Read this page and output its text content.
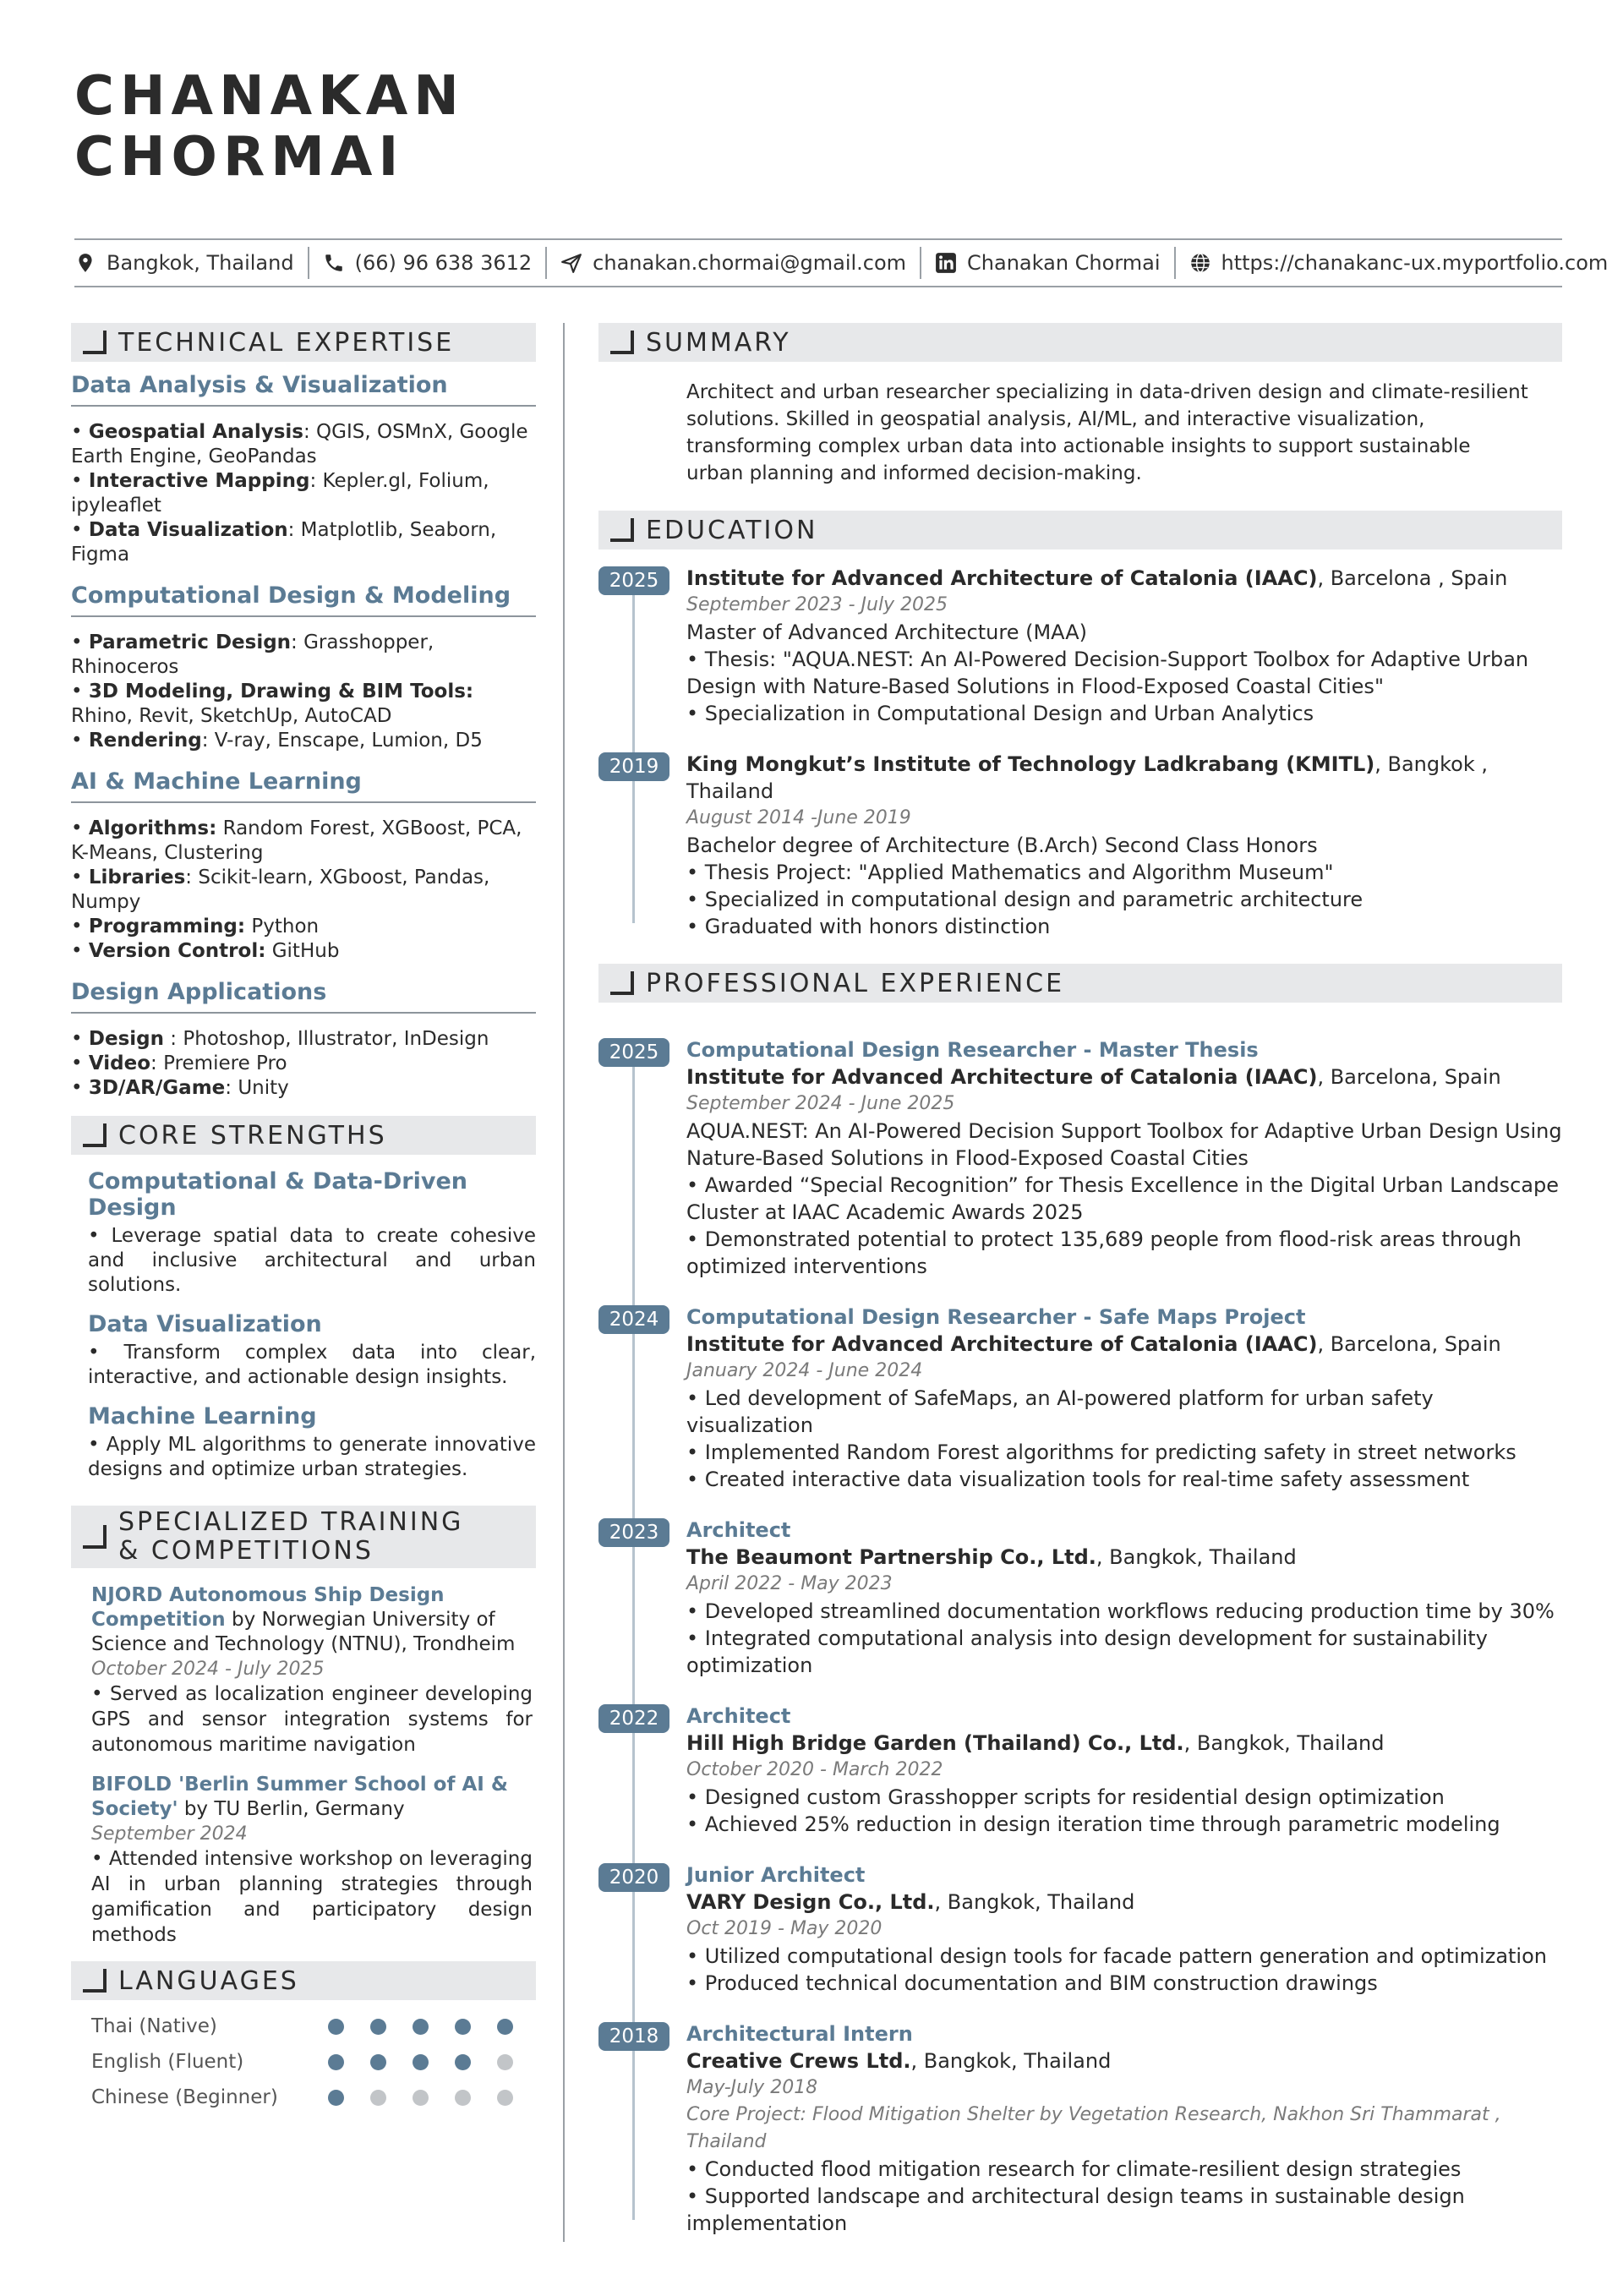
CHANAKAN
CHORMAI
Bangkok, Thailand	(66) 96 638 3612	chanakan.chormai@gmail.com	Chanakan Chormai	https://chanakanc-ux.myportfolio.com
TECHNICAL EXPERTISE
Data Analysis & Visualization
• Geospatial Analysis: QGIS, OSMnX, Google Earth Engine, GeoPandas
• Interactive Mapping: Kepler.gl, Folium, ipyleaflet
• Data Visualization: Matplotlib, Seaborn, Figma
Computational Design & Modeling
• Parametric Design: Grasshopper, Rhinoceros
• 3D Modeling, Drawing & BIM Tools: Rhino, Revit, SketchUp, AutoCAD
• Rendering: V-ray, Enscape, Lumion, D5
AI & Machine Learning
• Algorithms: Random Forest, XGBoost, PCA, K-Means, Clustering
• Libraries: Scikit-learn, XGboost, Pandas, Numpy
• Programming: Python
• Version Control: GitHub
Design Applications
• Design : Photoshop, Illustrator, InDesign
• Video: Premiere Pro
• 3D/AR/Game: Unity
CORE STRENGTHS
Computational & Data-Driven Design
• Leverage spatial data to create cohesive and inclusive architectural and urban solutions.
Data Visualization
• Transform complex data into clear, interactive, and actionable design insights.
Machine Learning
• Apply ML algorithms to generate innovative designs and optimize urban strategies.
SPECIALIZED TRAINING & COMPETITIONS
NJORD Autonomous Ship Design Competition by Norwegian University of Science and Technology (NTNU), Trondheim
October 2024 - July 2025
• Served as localization engineer developing GPS and sensor integration systems for autonomous maritime navigation
BIFOLD 'Berlin Summer School of AI & Society' by TU Berlin, Germany
September 2024
• Attended intensive workshop on leveraging AI in urban planning strategies through gamification and participatory design methods
LANGUAGES
Thai (Native)
English (Fluent)
Chinese (Beginner)
SUMMARY
Architect and urban researcher specializing in data-driven design and climate-resilient solutions. Skilled in geospatial analysis, AI/ML, and interactive visualization, transforming complex urban data into actionable insights to support sustainable urban planning and informed decision-making.
EDUCATION
2025	Institute for Advanced Architecture of Catalonia (IAAC), Barcelona , Spain
September 2023 - July 2025
Master of Advanced Architecture (MAA)
• Thesis: "AQUA.NEST: An AI-Powered Decision-Support Toolbox for Adaptive Urban Design with Nature-Based Solutions in Flood-Exposed Coastal Cities"
• Specialization in Computational Design and Urban Analytics
2019	King Mongkut’s Institute of Technology Ladkrabang (KMITL), Bangkok , Thailand
August 2014 -June 2019
Bachelor degree of Architecture (B.Arch) Second Class Honors
• Thesis Project: "Applied Mathematics and Algorithm Museum"
• Specialized in computational design and parametric architecture
• Graduated with honors distinction
PROFESSIONAL EXPERIENCE
2025	Computational Design Researcher - Master Thesis
Institute for Advanced Architecture of Catalonia (IAAC), Barcelona, Spain
September 2024 - June 2025
AQUA.NEST: An AI-Powered Decision Support Toolbox for Adaptive Urban Design Using Nature-Based Solutions in Flood-Exposed Coastal Cities
• Awarded “Special Recognition” for Thesis Excellence in the Digital Urban Landscape Cluster at IAAC Academic Awards 2025
• Demonstrated potential to protect 135,689 people from flood-risk areas through optimized interventions
2024	Computational Design Researcher - Safe Maps Project
Institute for Advanced Architecture of Catalonia (IAAC), Barcelona, Spain
January 2024 - June 2024
• Led development of SafeMaps, an AI-powered platform for urban safety visualization
• Implemented Random Forest algorithms for predicting safety in street networks
• Created interactive data visualization tools for real-time safety assessment
2023	Architect
The Beaumont Partnership Co., Ltd., Bangkok, Thailand
April 2022 - May 2023
• Developed streamlined documentation workflows reducing production time by 30%
• Integrated computational analysis into design development for sustainability optimization
2022	Architect
Hill High Bridge Garden (Thailand) Co., Ltd., Bangkok, Thailand
October 2020 - March 2022
• Designed custom Grasshopper scripts for residential design optimization
• Achieved 25% reduction in design iteration time through parametric modeling
2020	Junior Architect
VARY Design Co., Ltd., Bangkok, Thailand
Oct 2019 - May 2020
• Utilized computational design tools for facade pattern generation and optimization
• Produced technical documentation and BIM construction drawings
2018	Architectural Intern
Creative Crews Ltd., Bangkok, Thailand
May-July 2018
Core Project: Flood Mitigation Shelter by Vegetation Research, Nakhon Sri Thammarat , Thailand
• Conducted flood mitigation research for climate-resilient design strategies
• Supported landscape and architectural design teams in sustainable design implementation
